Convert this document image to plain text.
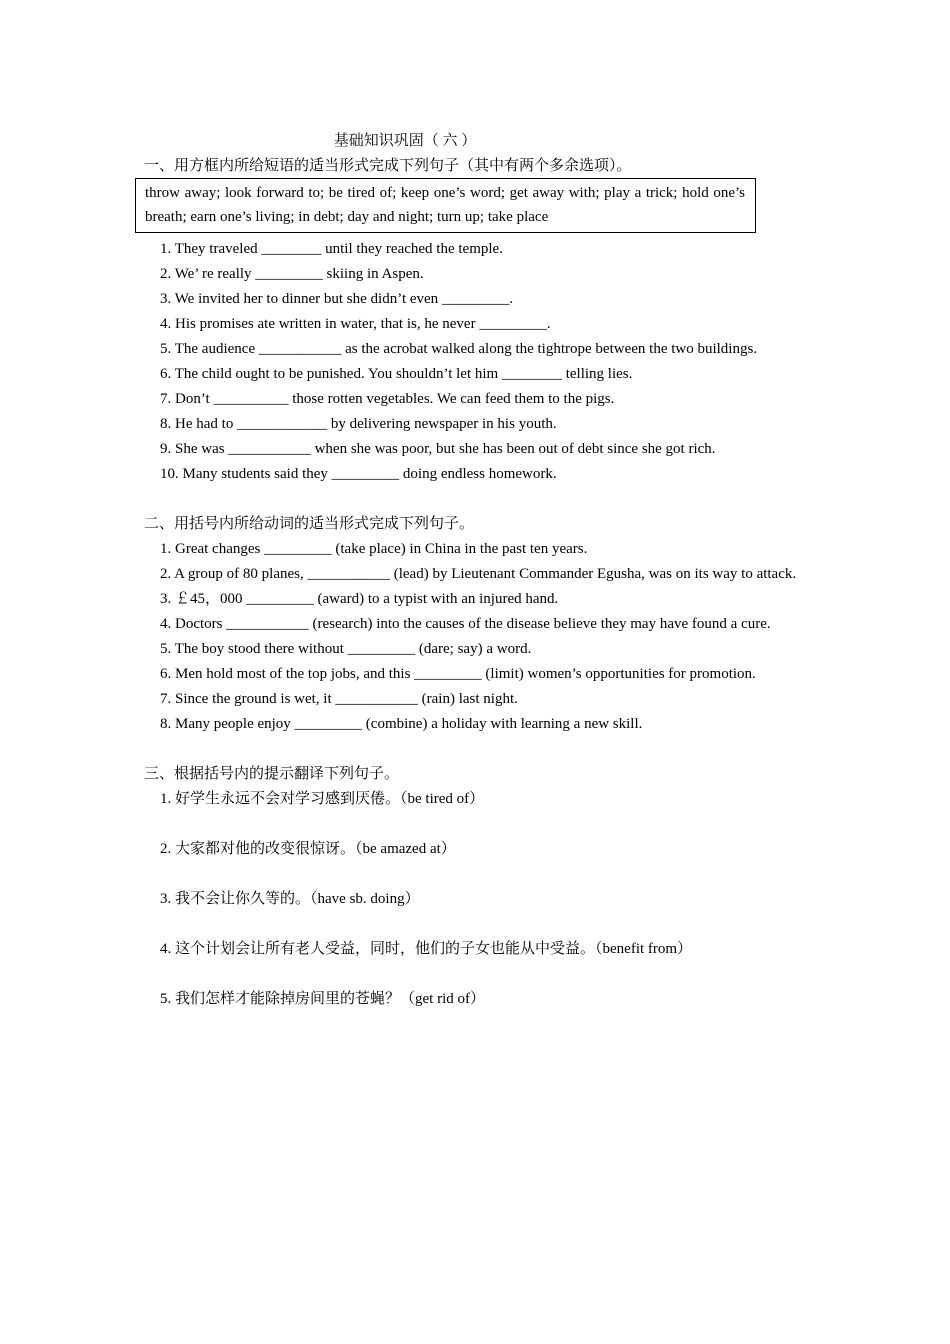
基础知识巩固（ 六 ）
一、用方框内所给短语的适当形式完成下列句子（其中有两个多余选项）。
throw away; look forward to; be tired of; keep one’s word; get away with; play a trick; hold one’s breath; earn one’s living; in debt; day and night; turn up; take place
1. They traveled ________ until they reached the temple.
2. We’ re really _________ skiing in Aspen.
3. We invited her to dinner but she didn’t even _________.
4. His promises ate written in water, that is, he never _________.
5. The audience ___________ as the acrobat walked along the tightrope between the two buildings.
6. The child ought to be punished. You shouldn’t let him ________ telling lies.
7. Don’t __________ those rotten vegetables. We can feed them to the pigs.
8. He had to ____________ by delivering newspaper in his youth.
9. She was ___________ when she was poor, but she has been out of debt since she got rich.
10. Many students said they _________ doing endless homework.
二、用括号内所给动词的适当形式完成下列句子。
1. Great changes _________ (take place) in China in the past ten years.
2. A group of 80 planes, ___________ (lead) by Lieutenant Commander Egusha, was on its way to attack.
3. ￡45，000 _________ (award) to a typist with an injured hand.
4. Doctors ___________ (research) into the causes of the disease believe they may have found a cure.
5. The boy stood there without _________ (dare; say) a word.
6. Men hold most of the top jobs, and this _________ (limit) women’s opportunities for promotion.
7. Since the ground is wet, it ___________ (rain) last night.
8. Many people enjoy _________ (combine) a holiday with learning a new skill.
三、根据括号内的提示翻译下列句子。
1. 好学生永远不会对学习感到厌倦。（be tired of）
2. 大家都对他的改变很惊讶。（be amazed at）
3. 我不会让你久等的。（have sb. doing）
4. 这个计划会让所有老人受益，同时，他们的子女也能从中受益。（benefit from）
5. 我们怎样才能除掉房间里的苍蝇？（get rid of）
